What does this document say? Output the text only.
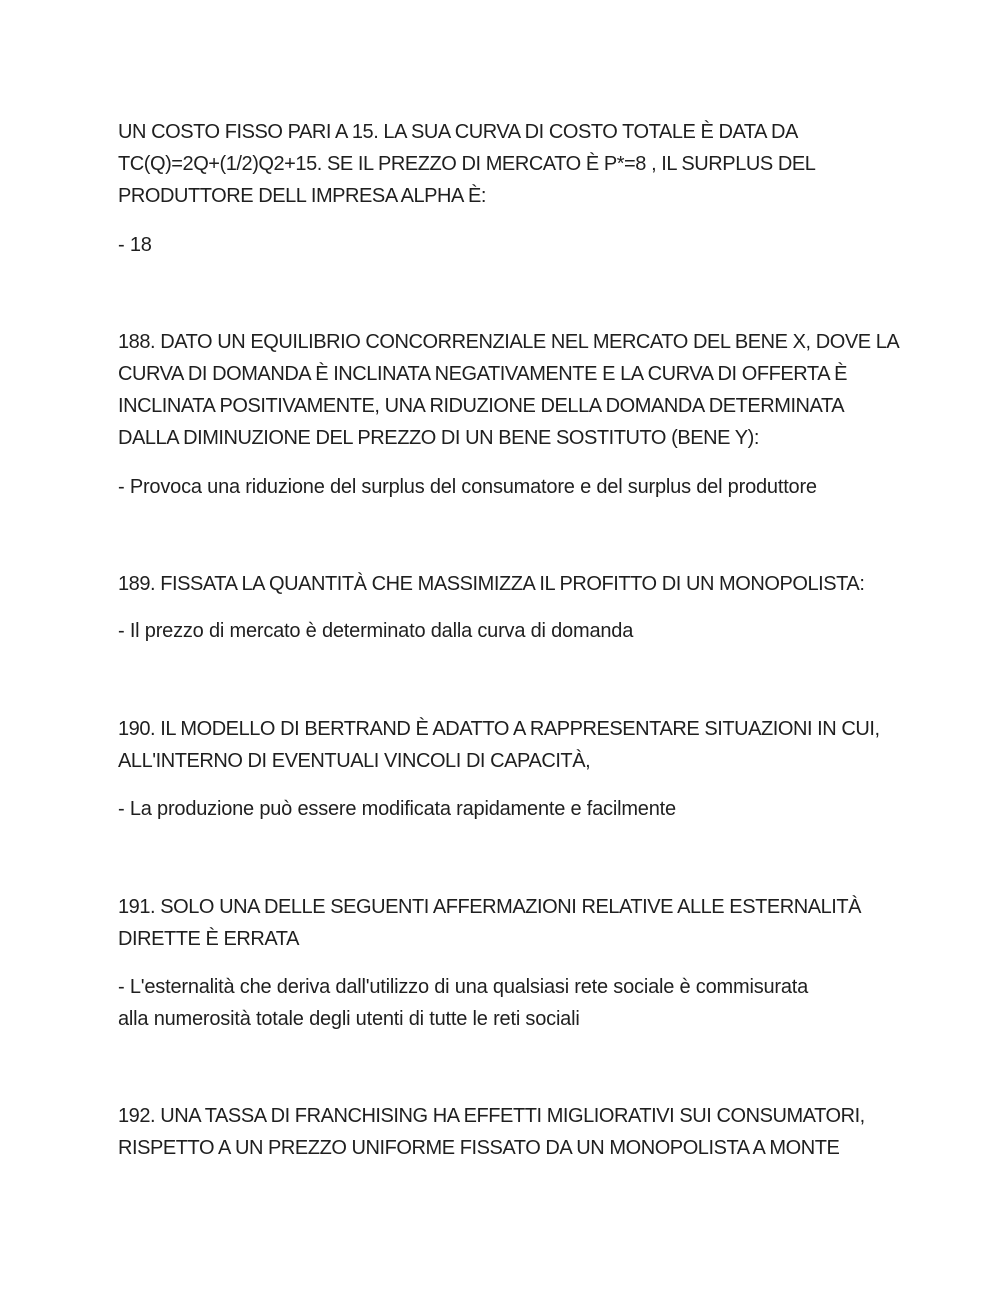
UN COSTO FISSO PARI A 15. LA SUA CURVA DI COSTO TOTALE È DATA DA
TC(Q)=2Q+(1/2)Q2+15. SE IL PREZZO DI MERCATO È P*=8 , IL SURPLUS DEL
PRODUTTORE DELL IMPRESA ALPHA È:
- 18
188. DATO UN EQUILIBRIO CONCORRENZIALE NEL MERCATO DEL BENE X, DOVE LA
CURVA DI DOMANDA È INCLINATA NEGATIVAMENTE E LA CURVA DI OFFERTA È
INCLINATA POSITIVAMENTE, UNA RIDUZIONE DELLA DOMANDA DETERMINATA
DALLA DIMINUZIONE DEL PREZZO DI UN BENE SOSTITUTO (BENE Y):
- Provoca una riduzione del surplus del consumatore e del surplus del produttore
189. FISSATA LA QUANTITÀ CHE MASSIMIZZA IL PROFITTO DI UN MONOPOLISTA:
- Il prezzo di mercato è determinato dalla curva di domanda
190. IL MODELLO DI BERTRAND È ADATTO A RAPPRESENTARE SITUAZIONI IN CUI,
ALL'INTERNO DI EVENTUALI VINCOLI DI CAPACITÀ,
- La produzione può essere modificata rapidamente e facilmente
191. SOLO UNA DELLE SEGUENTI AFFERMAZIONI RELATIVE ALLE ESTERNALITÀ
DIRETTE È ERRATA
- L'esternalità che deriva dall'utilizzo di una qualsiasi rete sociale è commisurata
alla numerosità totale degli utenti di tutte le reti sociali
192. UNA TASSA DI FRANCHISING HA EFFETTI MIGLIORATIVI SUI CONSUMATORI,
RISPETTO A UN PREZZO UNIFORME FISSATO DA UN MONOPOLISTA A MONTE
